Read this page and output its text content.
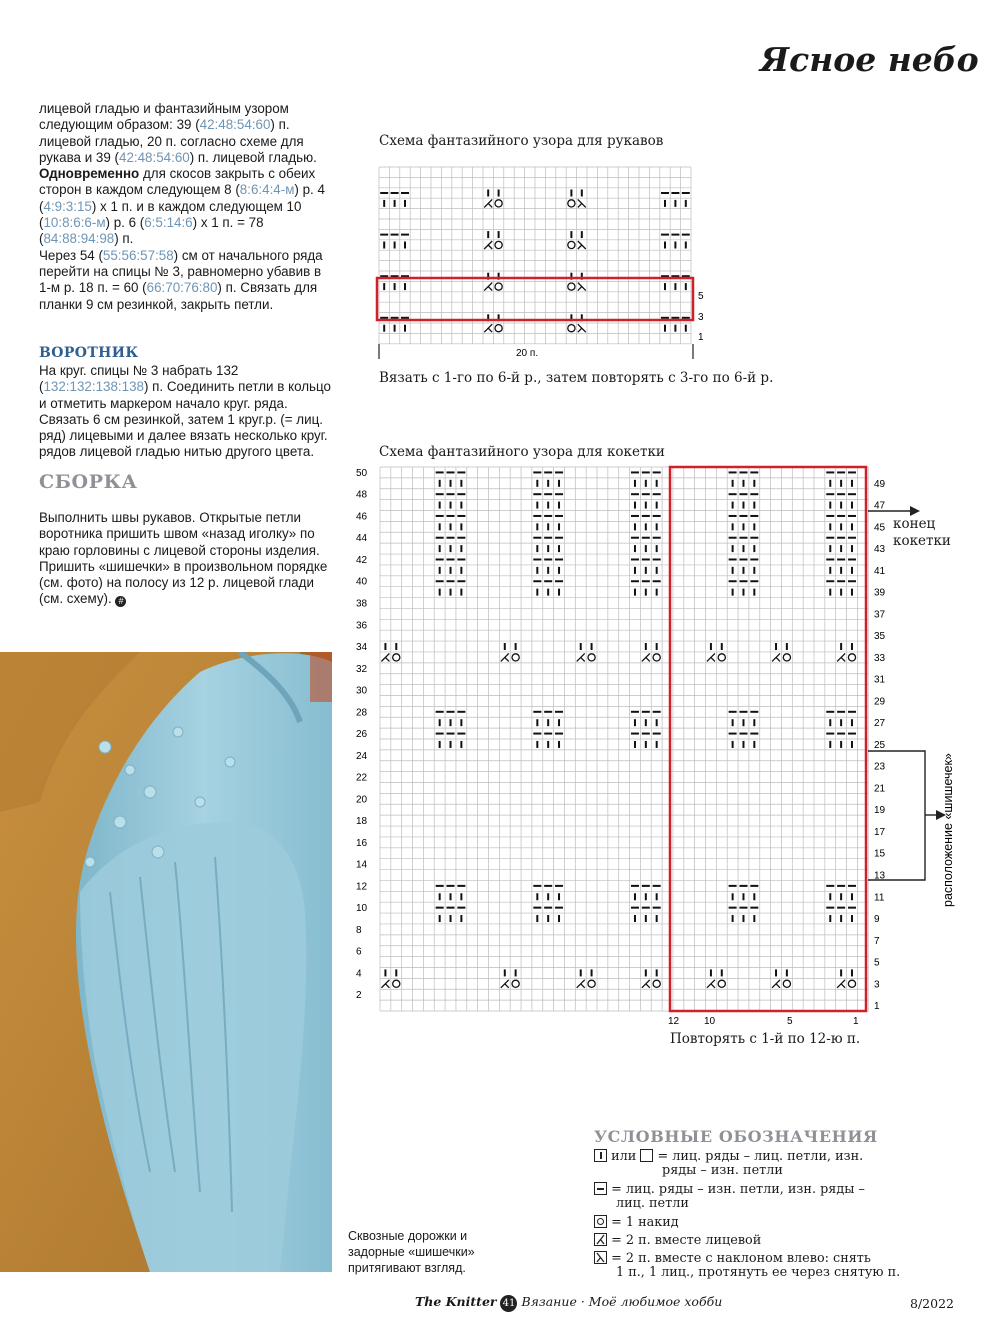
Ясное небо

лицевой гладью и фантазийным узором следующим образом: 39 (42:48:54:60) п. лицевой гладью, 20 п. согласно схеме для рукава и 39 (42:48:54:60) п. лицевой гладью.

Одновременно для скосов закрыть с обеих сторон в каждом следующем 8 (8:6:4:4-м) р. 4 (4:9:3:15) х 1 п. и в каждом следующем 10 (10:8:6:6-м) р. 6 (6:5:14:6) х 1 п. = 78 (84:88:94:98) п.

Через 54 (55:56:57:58) см от начального ряда перейти на спицы № 3, равномерно убавив в 1-м р. 18 п. = 60 (66:70:76:80) п. Связать для планки 9 см резинкой, закрыть петли.

ВОРОТНИК
На круг. спицы № 3 набрать 132 (132:132:138:138) п. Соединить петли в кольцо и отметить маркером начало круг. ряда. Связать 6 см резинкой, затем 1 круг.р. (= лиц. ряд) лицевыми и далее вязать несколько круг. рядов лицевой гладью нитью другого цвета.
СБОРКА
Выполнить швы рукавов. Открытые петли воротника пришить швом «назад иголку» по краю горловины с лицевой стороны изделия. Пришить «шишечки» в произвольном порядке (см. фото) на полосу из 12 р. лицевой глади (см. схему). #
Сквозные дорожки и
задорные «шишечки»
притягивают взгляд.
Схема фантазийного узора для рукавов
5
3
1
20 п.
Вязать с 1-го по 6-й р., затем повторять с 3-го по 6-й р.
Схема фантазийного узора для кокетки
50
48
46
44
42
40
38
36
34
32
30
28
26
24
22
20
18
16
14
12
10
8
6
4
2
49
47
45
43
41
39
37
35
33
31
29
27
25
23
21
19
17
15
13
11
9
7
5
3
1
12 10	5	1
расположение «шишечек»
конец
кокетки
Повторять с 1-й по 12-ю п.
УСЛОВНЫЕ ОБОЗНАЧЕНИЯ
или = лиц. ряды – лиц. петли, изн.
ряды – изн. петли
= лиц. ряды – изн. петли, изн. ряды –
лиц. петли
= 1 накид
= 2 п. вместе лицевой
= 2 п. вместе с наклоном влево: снять
1 п., 1 лиц., протянуть ее через снятую п.
The Knitter 41 Вязание · Моё любимое хобби	8/2022
